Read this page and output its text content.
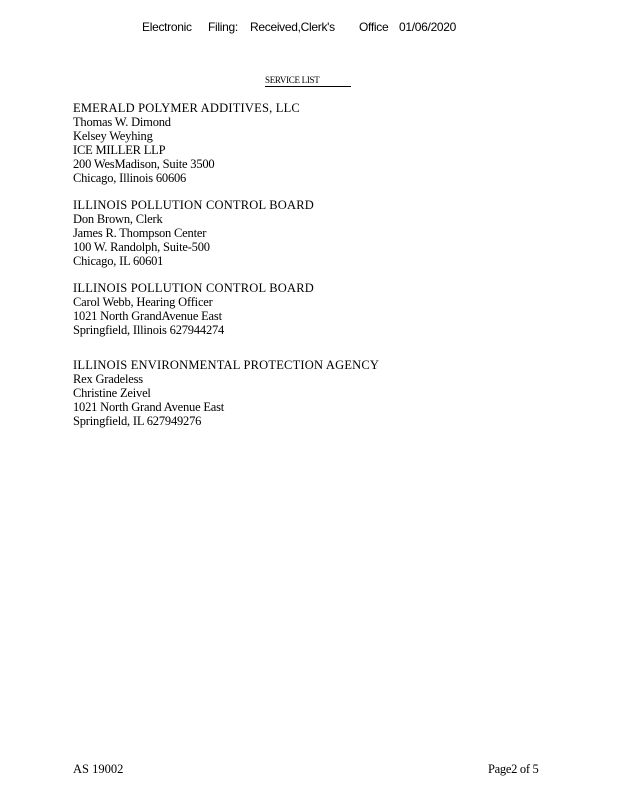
Electronic Filing: Received,Clerk's Office 01/06/2020
SERVICE LIST
EMERALD POLYMER ADDITIVES, LLC
Thomas W. Dimond
Kelsey Weyhing
ICE MILLER LLP
200 WesMadison, Suite 3500
Chicago, Illinois 60606
ILLINOIS POLLUTION CONTROL BOARD
Don Brown, Clerk
James R. Thompson Center
100 W. Randolph, Suite-500
Chicago, IL 60601
ILLINOIS POLLUTION CONTROL BOARD
Carol Webb, Hearing Officer
1021 North GrandAvenue East
Springfield, Illinois 627944274
ILLINOIS ENVIRONMENTAL PROTECTION AGENCY
Rex Gradeless
Christine Zeivel
1021 North Grand Avenue East
Springfield, IL 627949276
AS 19002	Page2 of 5
